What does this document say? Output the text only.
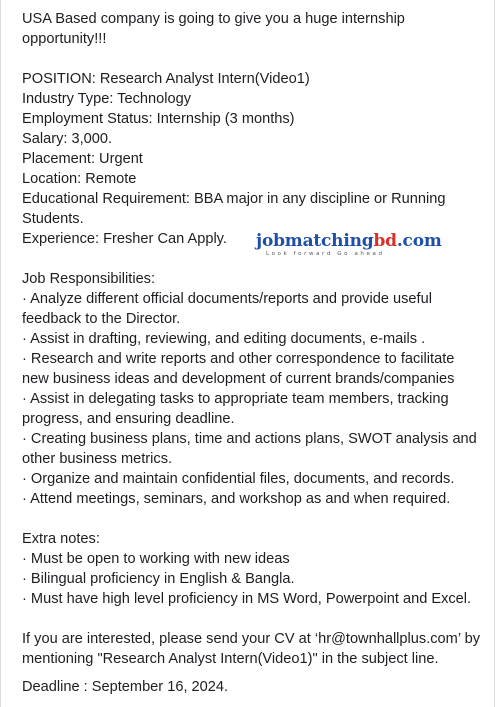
USA Based company is going to give you a huge internship
opportunity!!!
POSITION: Research Analyst Intern(Video1)
Industry Type: Technology
Employment Status: Internship (3 months)
Salary: 3,000.
Placement: Urgent
Location: Remote
Educational Requirement: BBA major in any discipline or Running
Students.
Experience: Fresher Can Apply. jobmatchingbd.com
Look forward Go ahead
Job Responsibilities:
· Analyze different official documents/reports and provide useful
feedback to the Director.
· Assist in drafting, reviewing, and editing documents, e-mails .
· Research and write reports and other correspondence to facilitate
new business ideas and development of current brands/companies
· Assist in delegating tasks to appropriate team members, tracking
progress, and ensuring deadline.
· Creating business plans, time and actions plans, SWOT analysis and
other business metrics.
· Organize and maintain confidential files, documents, and records.
· Attend meetings, seminars, and workshop as and when required.
Extra notes:
· Must be open to working with new ideas
· Bilingual proficiency in English & Bangla.
· Must have high level proficiency in MS Word, Powerpoint and Excel.
If you are interested, please send your CV at ‘hr@townhallplus.com’ by
mentioning "Research Analyst Intern(Video1)" in the subject line.
Deadline : September 16, 2024.
